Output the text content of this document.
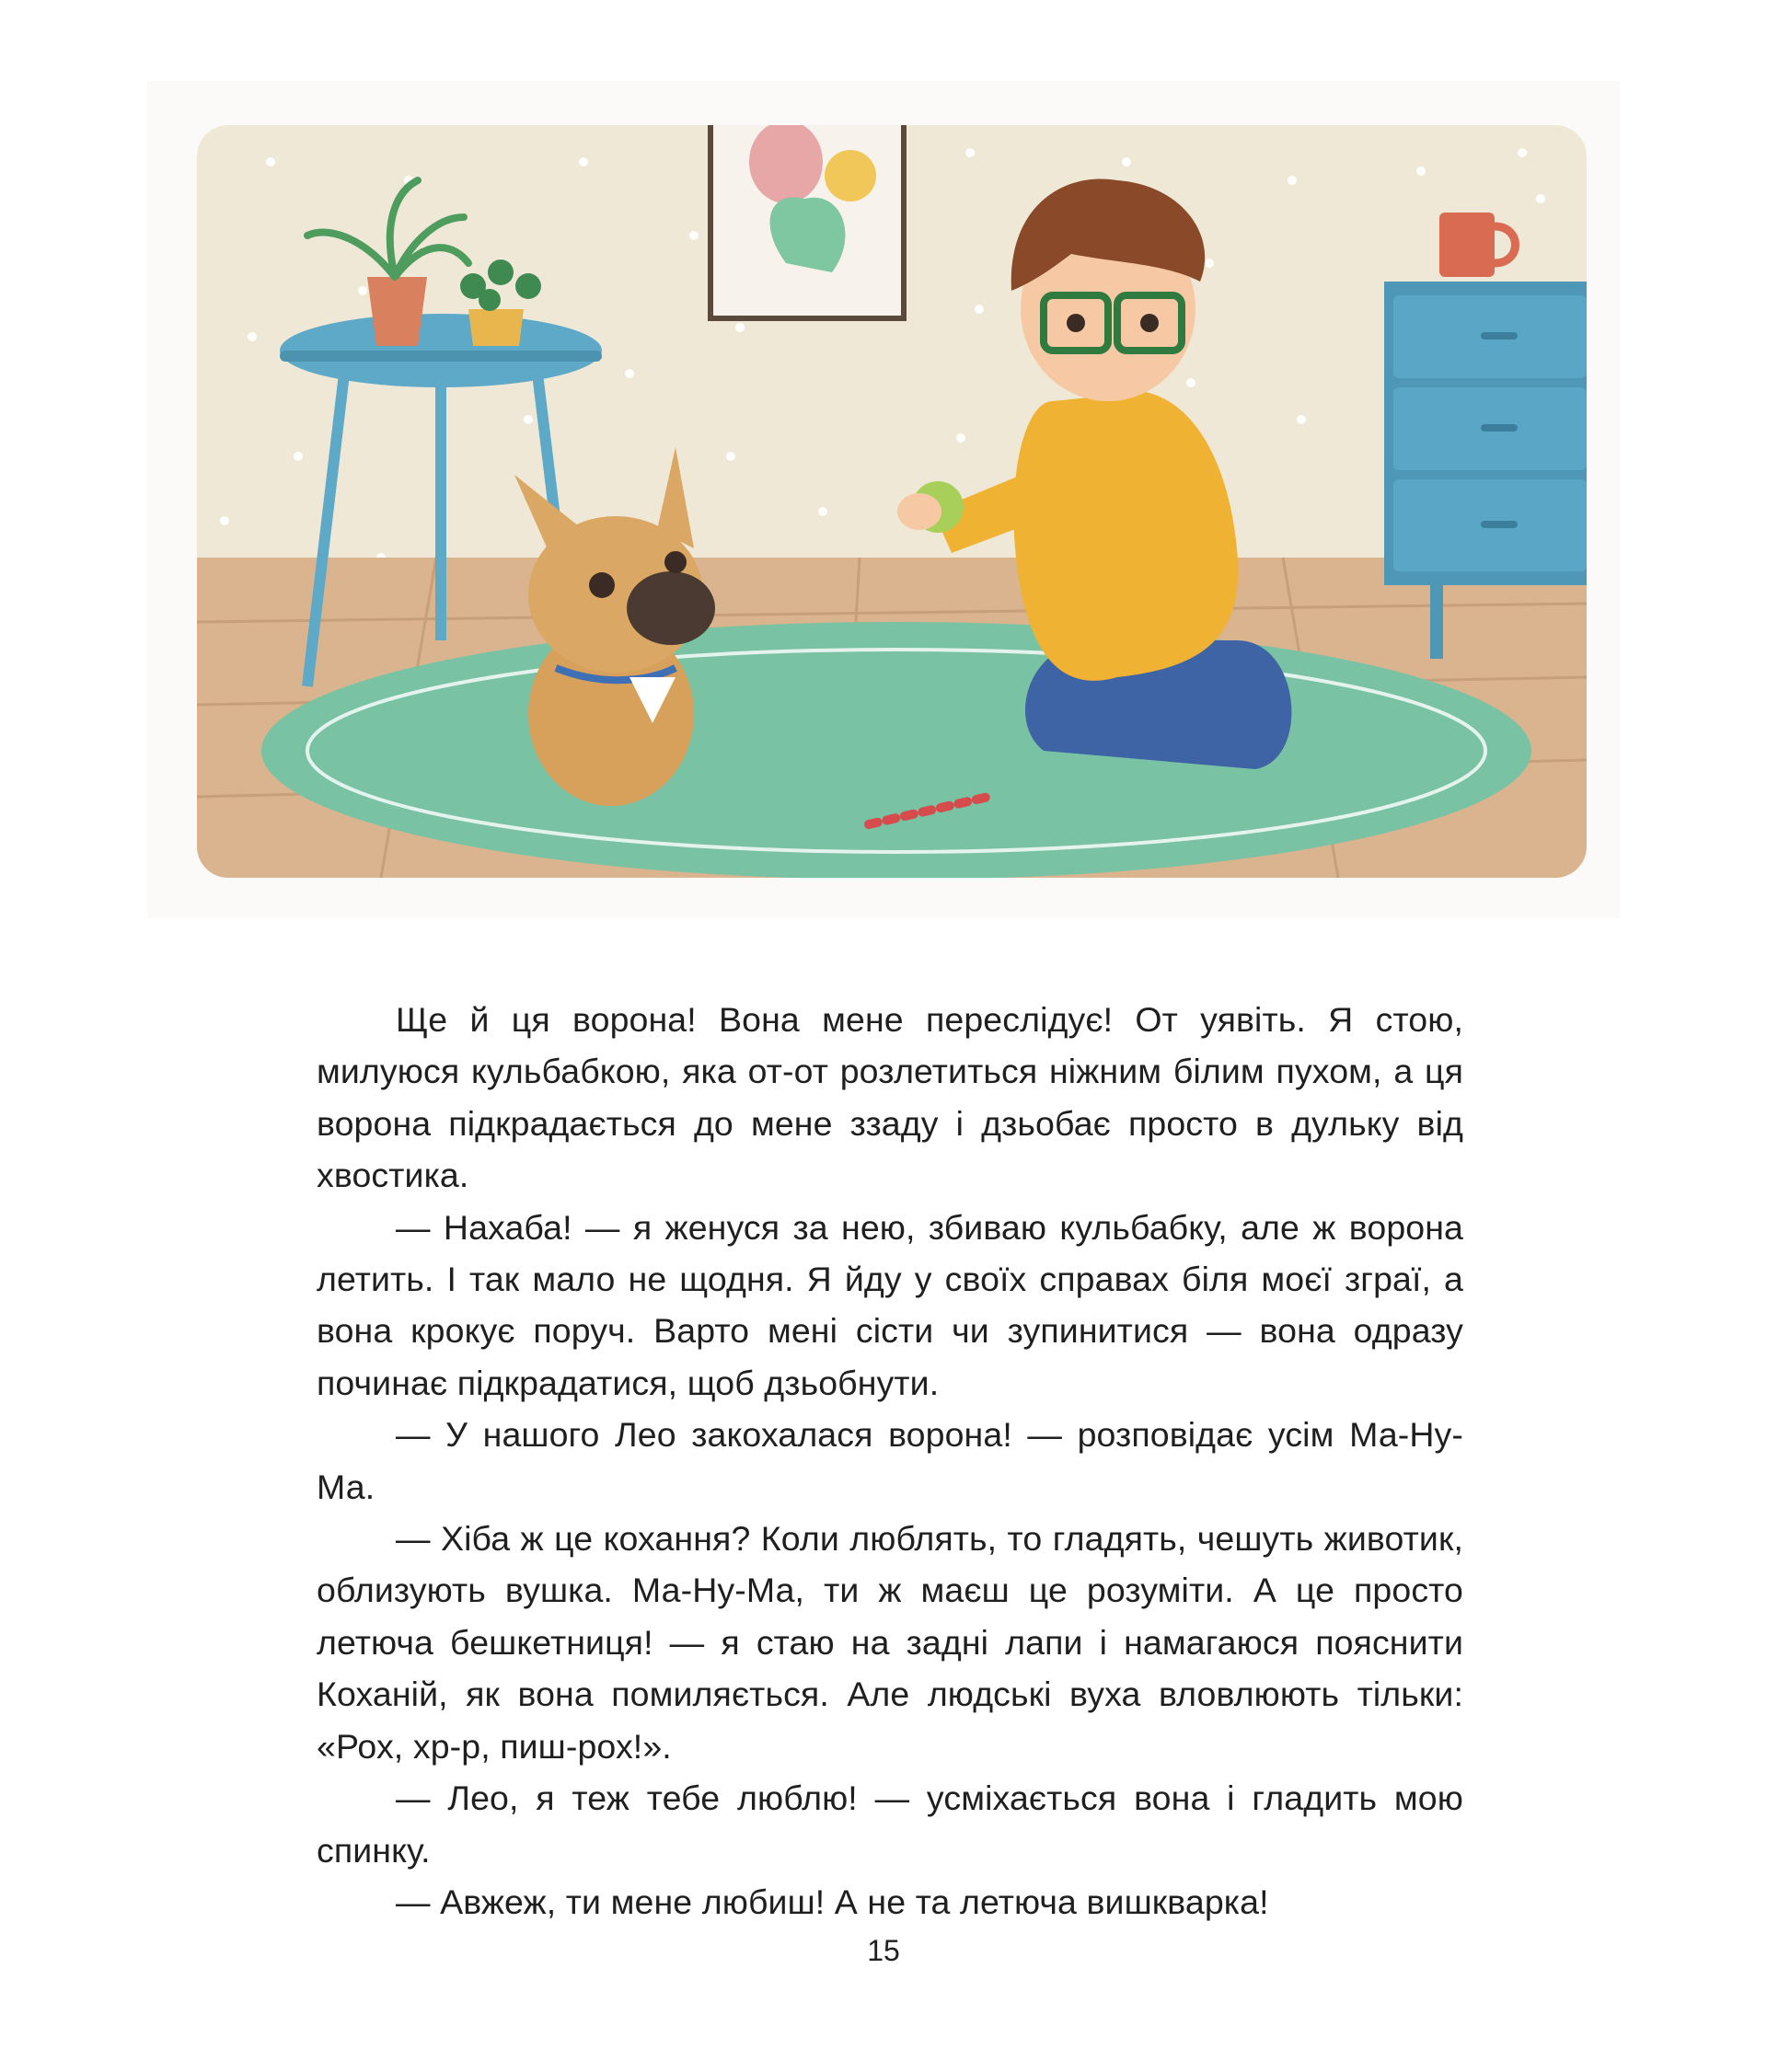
Ще й ця ворона! Вона мене переслідує! От уявіть. Я стою, милуюся кульбабкою, яка от-от розлетиться ніжним білим пухом, а ця ворона підкрадається до мене ззаду і дзьобає просто в дульку від хвостика.

— Нахаба! — я женуся за нею, збиваю кульбабку, але ж ворона летить. І так мало не щодня. Я йду у своїх справах біля моєї зграї, а вона крокує поруч. Варто мені сісти чи зупинитися — вона одразу починає підкрадатися, щоб дзьобнути.

— У нашого Лео закохалася ворона! — розповідає усім Ма-Ну-Ма.

— Хіба ж це кохання? Коли люблять, то гладять, чешуть животик, облизують вушка. Ма-Ну-Ма, ти ж маєш це розуміти. А це просто летюча бешкетниця! — я стаю на задні лапи і намагаюся пояснити Коханій, як вона помиляється. Але людські вуха вловлюють тільки: «Рох, хр-р, пиш-рох!».

— Лео, я теж тебе люблю! — усміхається вона і гладить мою спинку.

— Авжеж, ти мене любиш! А не та летюча вишкварка!

15
